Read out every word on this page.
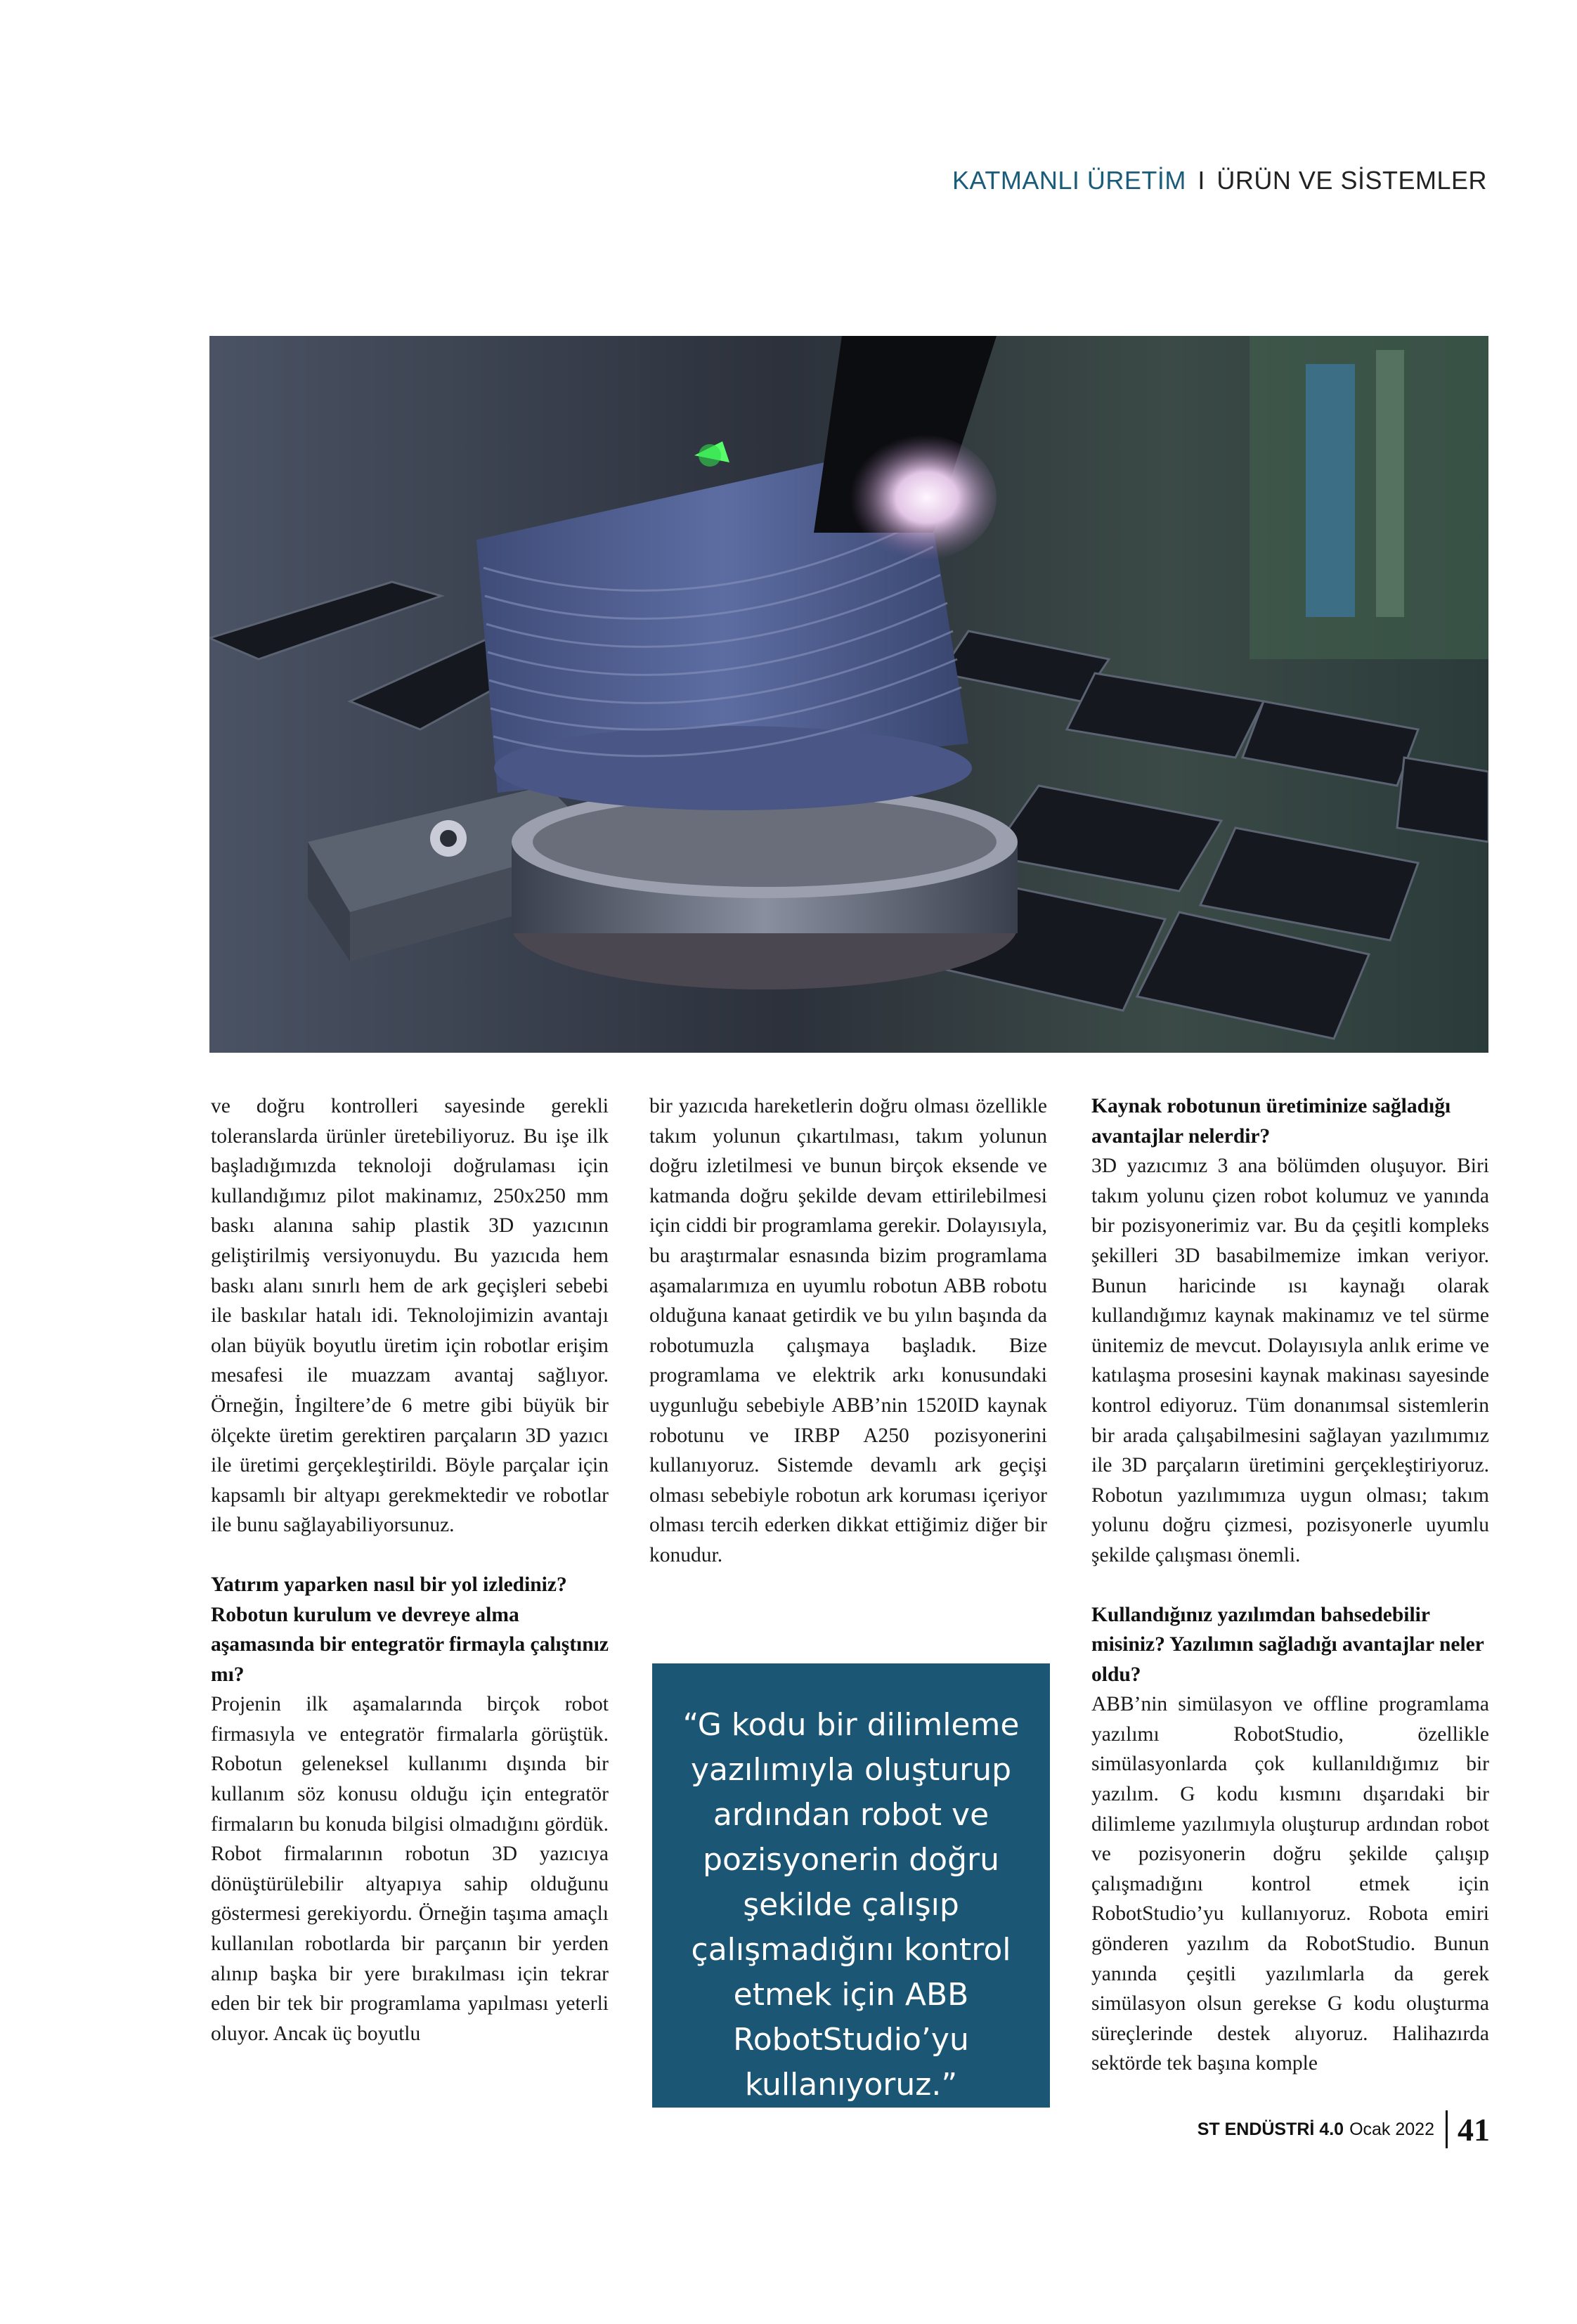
KATMANLI ÜRETİM I ÜRÜN VE SİSTEMLER

ve doğru kontrolleri sayesinde gerekli toleranslarda ürünler üretebiliyoruz. Bu işe ilk başladığımızda teknoloji doğrulaması için kullandığımız pilot makinamız, 250x250 mm baskı alanına sahip plastik 3D yazıcının geliştirilmiş versiyonuydu. Bu yazıcıda hem baskı alanı sınırlı hem de ark geçişleri sebebi ile baskılar hatalı idi. Teknolojimizin avantajı olan büyük boyutlu üretim için robotlar erişim mesafesi ile muazzam avantaj sağlıyor. Örneğin, İngiltere’de 6 metre gibi büyük bir ölçekte üretim gerektiren parçaların 3D yazıcı ile üretimi gerçekleştirildi. Böyle parçalar için kapsamlı bir altyapı gerekmektedir ve robotlar ile bunu sağlayabiliyorsunuz.

Yatırım yaparken nasıl bir yol izlediniz? Robotun kurulum ve devreye alma aşamasında bir entegratör firmayla çalıştınız mı?

Projenin ilk aşamalarında birçok robot firmasıyla ve entegratör firmalarla görüştük. Robotun geleneksel kullanımı dışında bir kullanım söz konusu olduğu için entegratör firmaların bu konuda bilgisi olmadığını gördük. Robot firmalarının robotun 3D yazıcıya dönüştürülebilir altyapıya sahip olduğunu göstermesi gerekiyordu. Örneğin taşıma amaçlı kullanılan robotlarda bir parçanın bir yerden alınıp başka bir yere bırakılması için tekrar eden bir tek bir programlama yapılması yeterli oluyor. Ancak üç boyutlu

bir yazıcıda hareketlerin doğru olması özellikle takım yolunun çıkartılması, takım yolunun doğru izletilmesi ve bunun birçok eksende ve katmanda doğru şekilde devam ettirilebilmesi için ciddi bir programlama gerekir. Dolayısıyla, bu araştırmalar esnasında bizim programlama aşamalarımıza en uyumlu robotun ABB robotu olduğuna kanaat getirdik ve bu yılın başında da robotumuzla çalışmaya başladık. Bize programlama ve elektrik arkı konusundaki uygunluğu sebebiyle ABB’nin 1520ID kaynak robotunu ve IRBP A250 pozisyonerini kullanıyoruz. Sistemde devamlı ark geçişi olması sebebiyle robotun ark koruması içeriyor olması tercih ederken dikkat ettiğimiz diğer bir konudur.

“G kodu bir dilimleme yazılımıyla oluşturup ardından robot ve pozisyonerin doğru şekilde çalışıp çalışmadığını kontrol etmek için ABB RobotStudio’yu kullanıyoruz.”
Kaynak robotunun üretiminize sağladığı avantajlar nelerdir?

3D yazıcımız 3 ana bölümden oluşuyor. Biri takım yolunu çizen robot kolumuz ve yanında bir pozisyonerimiz var. Bu da çeşitli kompleks şekilleri 3D basabilmemize imkan veriyor. Bunun haricinde ısı kaynağı olarak kullandığımız kaynak makinamız ve tel sürme ünitemiz de mevcut. Dolayısıyla anlık erime ve katılaşma prosesini kaynak makinası sayesinde kontrol ediyoruz. Tüm donanımsal sistemlerin bir arada çalışabilmesini sağlayan yazılımımız ile 3D parçaların üretimini gerçekleştiriyoruz. Robotun yazılımımıza uygun olması; takım yolunu doğru çizmesi, pozisyonerle uyumlu şekilde çalışması önemli.

Kullandığınız yazılımdan bahsedebilir misiniz? Yazılımın sağladığı avantajlar neler oldu?

ABB’nin simülasyon ve offline programlama yazılımı RobotStudio, özellikle simülasyonlarda çok kullanıldığımız bir yazılım. G kodu kısmını dışarıdaki bir dilimleme yazılımıyla oluşturup ardından robot ve pozisyonerin doğru şekilde çalışıp çalışmadığını kontrol etmek için RobotStudio’yu kullanıyoruz. Robota emiri gönderen yazılım da RobotStudio. Bunun yanında çeşitli yazılımlarla da gerek simülasyon olsun gerekse G kodu oluşturma süreçlerinde destek alıyoruz. Halihazırda sektörde tek başına komple

ST ENDÜSTRİ 4.0 Ocak 2022 41
